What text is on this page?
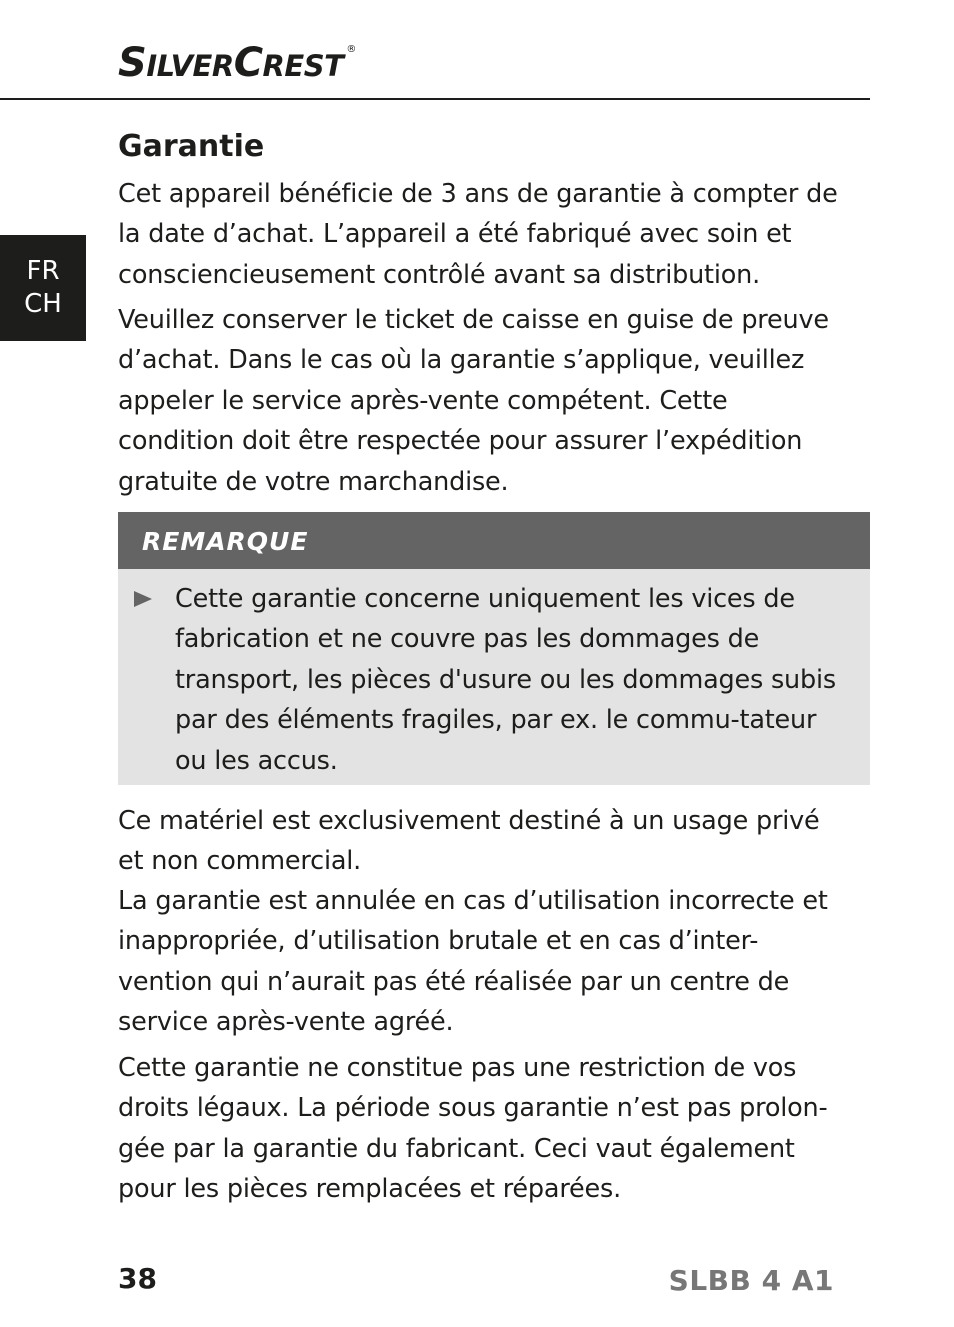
SILVERCREST ®
FR
CH
Garantie

Cet appareil bénéficie de 3 ans de garantie à compter de la date d’achat. L’appareil a été fabriqué avec soin et consciencieusement contrôlé avant sa distribution.

Veuillez conserver le ticket de caisse en guise de preuve d’achat. Dans le cas où la garantie s’applique, veuillez appeler le service après-vente compétent. Cette condition doit être respectée pour assurer l’expédition gratuite de votre marchandise.

REMARQUE

Cette garantie concerne uniquement les vices de fabrication et ne couvre pas les dommages de transport, les pièces d'usure ou les dommages subis par des éléments fragiles, par ex. le commu-tateur ou les accus.

Ce matériel est exclusivement destiné à un usage privé et non commercial.

La garantie est annulée en cas d’utilisation incorrecte et inappropriée, d’utilisation brutale et en cas d’inter-vention qui n’aurait pas été réalisée par un centre de service après-vente agréé.

Cette garantie ne constitue pas une restriction de vos droits légaux. La période sous garantie n’est pas prolon-gée par la garantie du fabricant. Ceci vaut également pour les pièces remplacées et réparées.

38	SLBB 4 A1
